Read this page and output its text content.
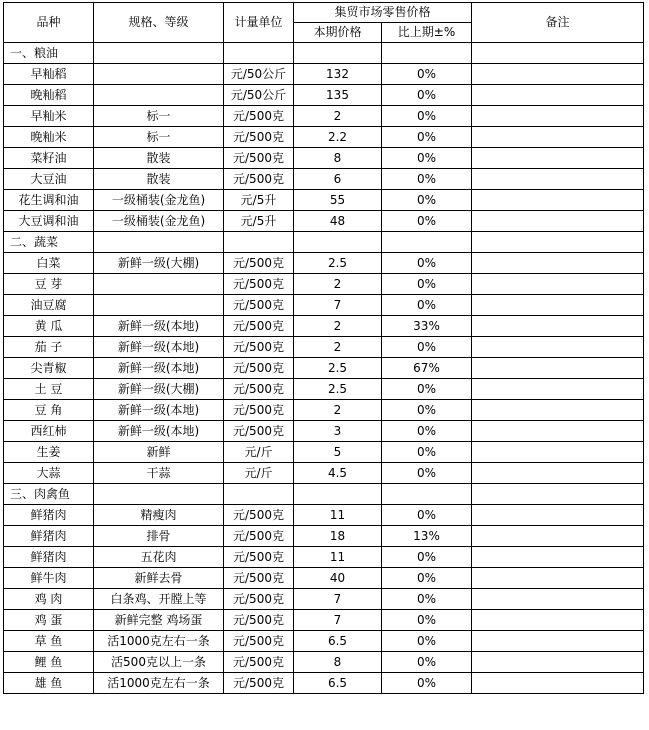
品种	规格、等级	计量单位	集贸市场零售价格		备注
			本期价格	比上期±%	
一、粮油					
早籼稻		元/50公斤	132	0%	
晚籼稻		元/50公斤	135	0%	
早籼米	标一	元/500克	2	0%	
晚籼米	标一	元/500克	2.2	0%	
菜籽油	散装	元/500克	8	0%	
大豆油	散装	元/500克	6	0%	
花生调和油	一级桶装(金龙鱼)	元/5升	55	0%	
大豆调和油	一级桶装(金龙鱼)	元/5升	48	0%	
二、蔬菜					
白菜	新鲜一级(大棚)	元/500克	2.5	0%	
豆 芽		元/500克	2	0%	
油豆腐		元/500克	7	0%	
黄 瓜	新鲜一级(本地)	元/500克	2	33%	
茄 子	新鲜一级(本地)	元/500克	2	0%	
尖青椒	新鲜一级(本地)	元/500克	2.5	67%	
土 豆	新鲜一级(大棚)	元/500克	2.5	0%	
豆 角	新鲜一级(本地)	元/500克	2	0%	
西红柿	新鲜一级(本地)	元/500克	3	0%	
生姜	新鲜	元/斤	5	0%	
大蒜	干蒜	元/斤	4.5	0%	
三、肉禽鱼					
鲜猪肉	精瘦肉	元/500克	11	0%	
鲜猪肉	排骨	元/500克	18	13%	
鲜猪肉	五花肉	元/500克	11	0%	
鲜牛肉	新鲜去骨	元/500克	40	0%	
鸡 肉	白条鸡、开膛上等	元/500克	7	0%	
鸡 蛋	新鲜完整 鸡场蛋	元/500克	7	0%	
草 鱼	活1000克左右一条	元/500克	6.5	0%	
鲤 鱼	活500克以上一条	元/500克	8	0%	
雄 鱼	活1000克左右一条	元/500克	6.5	0%	
